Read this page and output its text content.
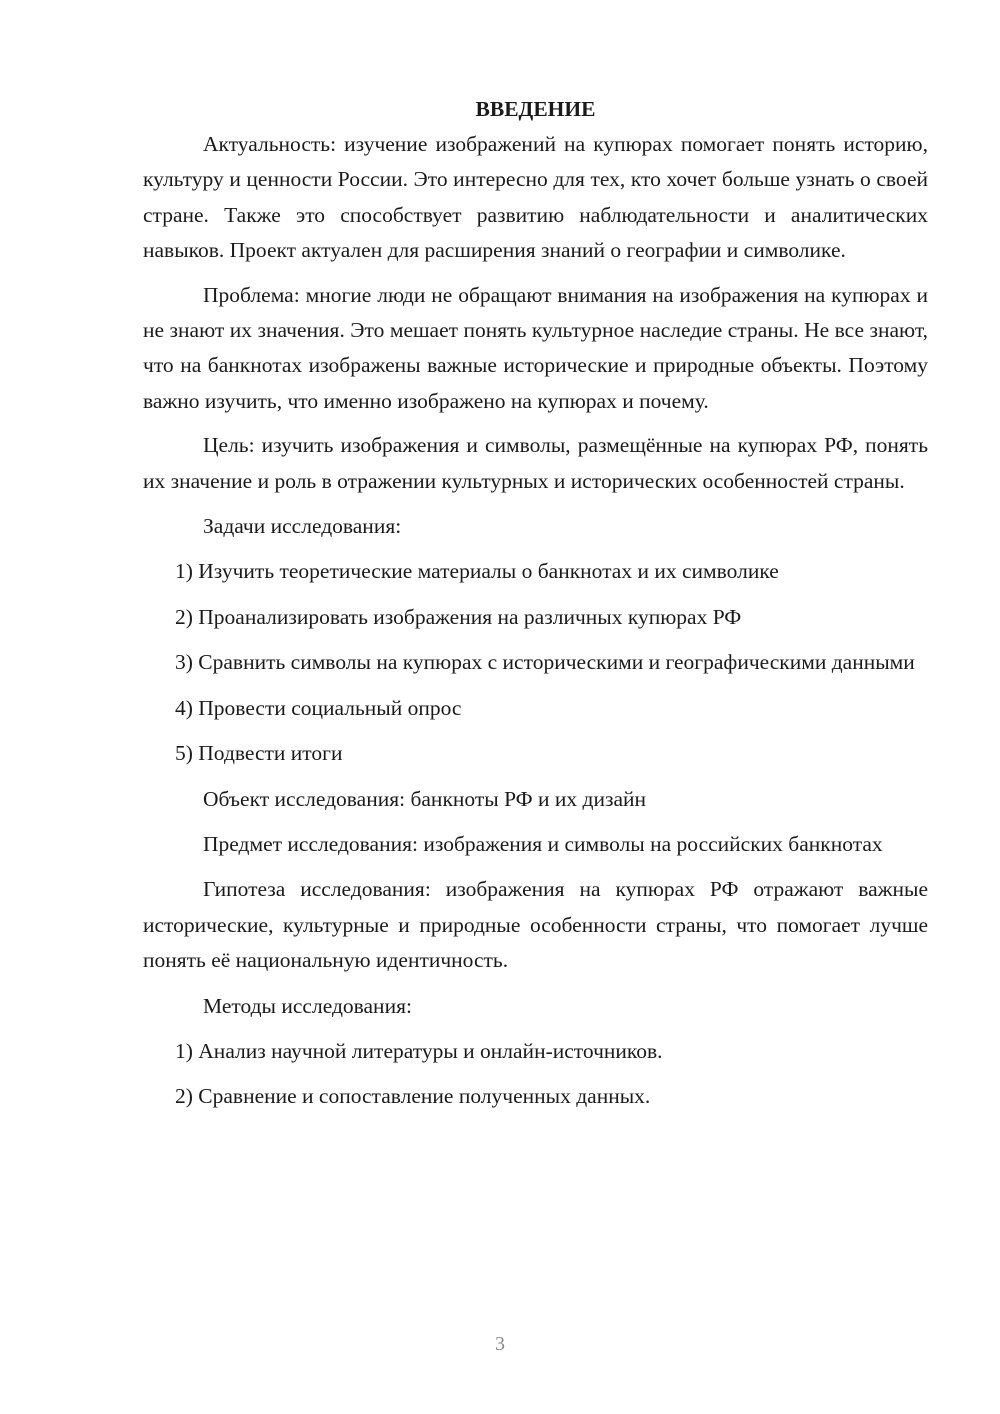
ВВЕДЕНИЕ

Актуальность: изучение изображений на купюрах помогает понять историю, культуру и ценности России. Это интересно для тех, кто хочет больше узнать о своей стране. Также это способствует развитию наблюдательности и аналитических навыков. Проект актуален для расширения знаний о географии и символике.

Проблема: многие люди не обращают внимания на изображения на купюрах и не знают их значения. Это мешает понять культурное наследие страны. Не все знают, что на банкнотах изображены важные исторические и природные объекты. Поэтому важно изучить, что именно изображено на купюрах и почему.

Цель: изучить изображения и символы, размещённые на купюрах РФ, понять их значение и роль в отражении культурных и исторических особенностей страны.

Задачи исследования:

1) Изучить теоретические материалы о банкнотах и их символике

2) Проанализировать изображения на различных купюрах РФ

3) Сравнить символы на купюрах с историческими и географическими данными

4) Провести социальный опрос

5) Подвести итоги

Объект исследования: банкноты РФ и их дизайн

Предмет исследования: изображения и символы на российских банкнотах

Гипотеза исследования: изображения на купюрах РФ отражают важные исторические, культурные и природные особенности страны, что помогает лучше понять её национальную идентичность.

Методы исследования:

1) Анализ научной литературы и онлайн-источников.

2) Сравнение и сопоставление полученных данных.

3
